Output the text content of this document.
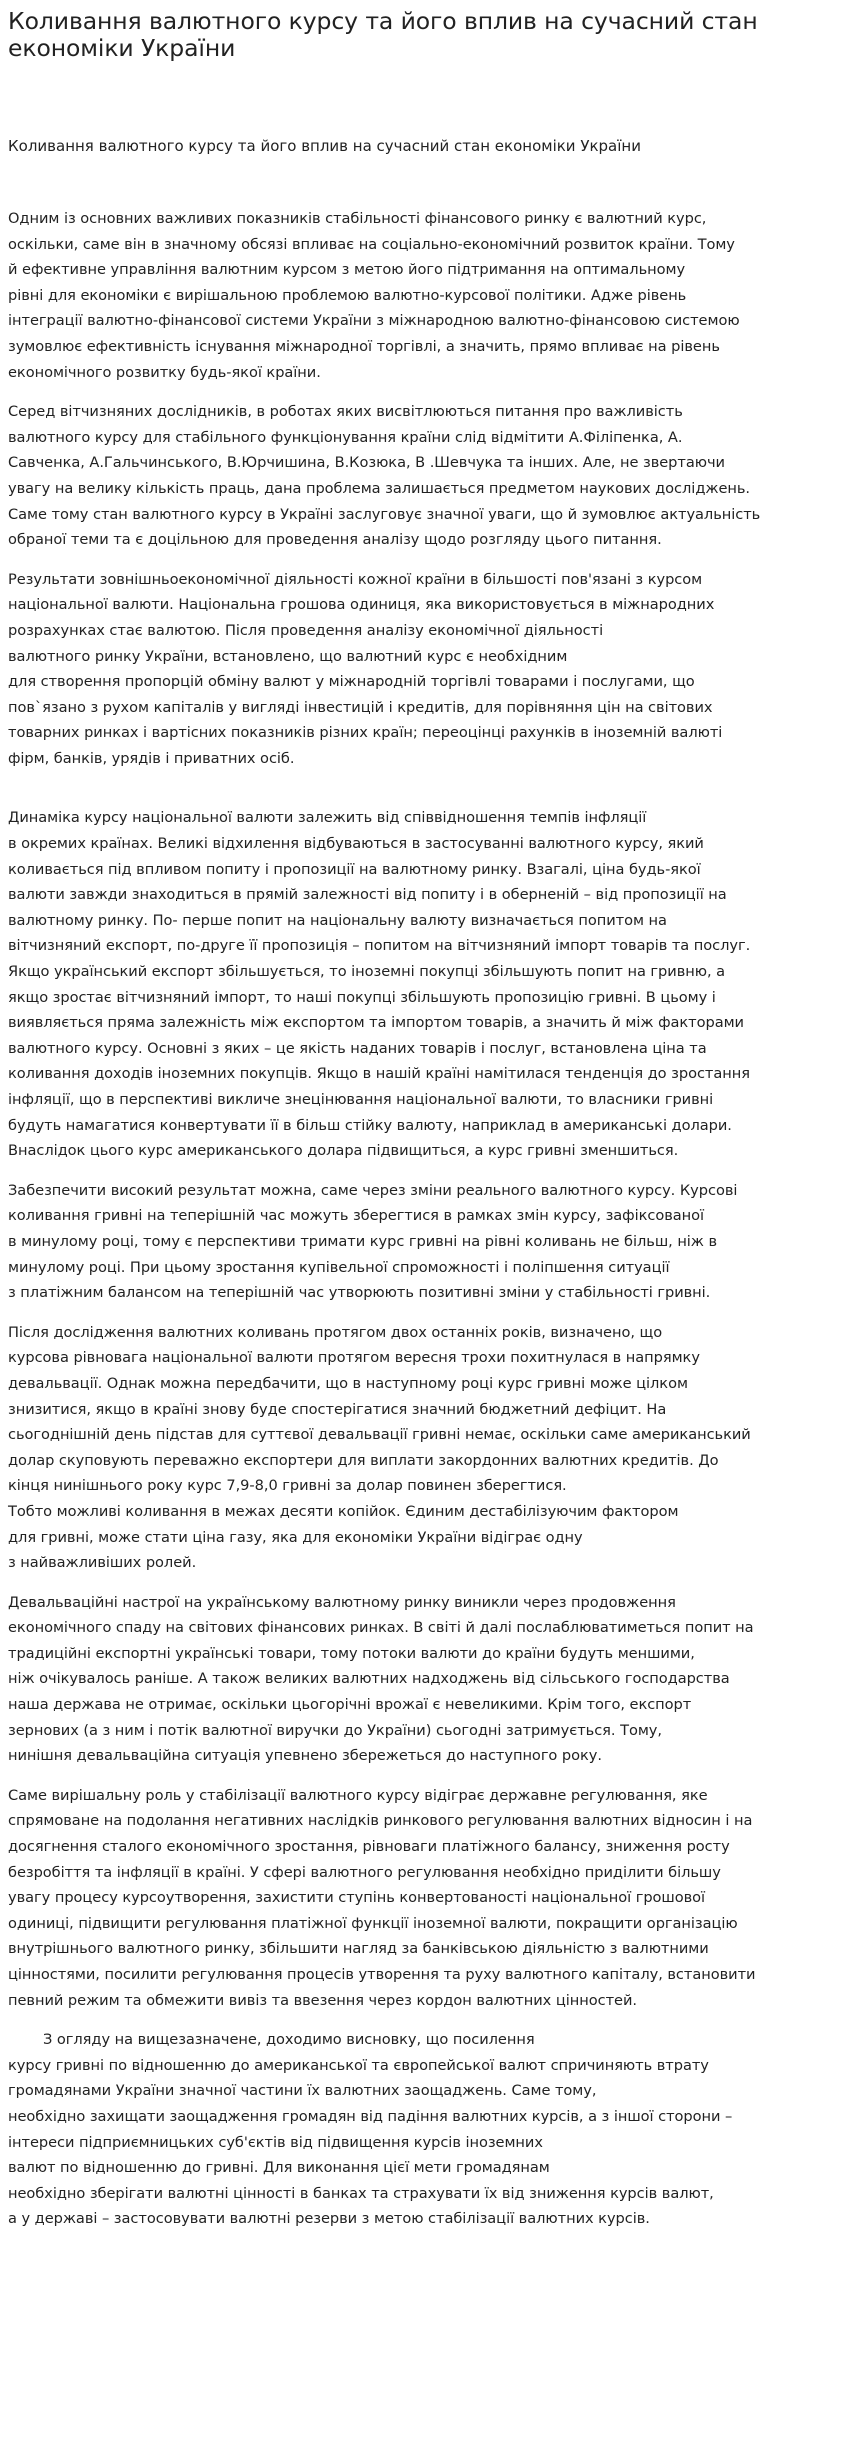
Коливання валютного курсу та його вплив на сучасний стан економіки України

Коливання валютного курсу та його вплив на сучасний стан економіки України

Одним із основних важливих показників стабільності фінансового ринку є валютний курс,
оскільки, саме він в значному обсязі впливає на соціально-економічний розвиток країни. Тому
й ефективне управління валютним курсом з метою його підтримання на оптимальному
рівні для економіки є вирішальною проблемою валютно-курсової політики. Адже рівень
інтеграції валютно-фінансової системи України з міжнародною валютно-фінансовою системою
зумовлює ефективність існування міжнародної торгівлі, а значить, прямо впливає на рівень
економічного розвитку будь-якої країни.

Серед вітчизняних дослідників, в роботах яких висвітлюються питання про важливість
валютного курсу для стабільного функціонування країни слід відмітити А.Філіпенка, А.
Савченка, А.Гальчинського, В.Юрчишина, В.Козюка, В .Шевчука та інших. Але, не звертаючи
увагу на велику кількість праць, дана проблема залишається предметом наукових досліджень.
Саме тому стан валютного курсу в Україні заслуговує значної уваги, що й зумовлює актуальність
обраної теми та є доцільною для проведення аналізу щодо розгляду цього питання.

Результати зовнішньоекономічної діяльності кожної країни в більшості пов'язані з курсом
національної валюти. Національна грошова одиниця, яка використовується в міжнародних
розрахунках стає валютою. Після проведення аналізу економічної діяльності
валютного ринку України, встановлено, що валютний курс є необхідним
для створення пропорцій обміну валют у міжнародній торгівлі товарами і послугами, що
пов`язано з рухом капіталів у вигляді інвестицій і кредитів, для порівняння цін на світових
товарних ринках і вартісних показників різних країн; переоцінці рахунків в іноземній валюті
фірм, банків, урядів і приватних осіб.

Динаміка курсу національної валюти залежить від співвідношення темпів інфляції
в окремих країнах. Великі відхилення відбуваються в застосуванні валютного курсу, який
коливається під впливом попиту і пропозиції на валютному ринку. Взагалі, ціна будь-якої
валюти завжди знаходиться в прямій залежності від попиту і в оберненій – від пропозиції на
валютному ринку. По- перше попит на національну валюту визначається попитом на
вітчизняний експорт, по-друге її пропозиція – попитом на вітчизняний імпорт товарів та послуг.
Якщо український експорт збільшується, то іноземні покупці збільшують попит на гривню, а
якщо зростає вітчизняний імпорт, то наші покупці збільшують пропозицію гривні. В цьому і
виявляється пряма залежність між експортом та імпортом товарів, а значить й між факторами
валютного курсу. Основні з яких – це якість наданих товарів і послуг, встановлена ціна та
коливання доходів іноземних покупців. Якщо в нашій країні намітилася тенденція до зростання
інфляції, що в перспективі викличе знецінювання національної валюти, то власники гривні
будуть намагатися конвертувати її в більш стійку валюту, наприклад в американські долари.
Внаслідок цього курс американського долара підвищиться, а курс гривні зменшиться.

Забезпечити високий результат можна, саме через зміни реального валютного курсу. Курсові
коливання гривні на теперішній час можуть зберегтися в рамках змін курсу, зафіксованої
в минулому році, тому є перспективи тримати курс гривні на рівні коливань не більш, ніж в
минулому році. При цьому зростання купівельної спроможності і поліпшення ситуації
з платіжним балансом на теперішній час утворюють позитивні зміни у стабільності гривні.

Після дослідження валютних коливань протягом двох останніх років, визначено, що
курсова рівновага національної валюти протягом вересня трохи похитнулася в напрямку
девальвації. Однак можна передбачити, що в наступному році курс гривні може цілком
знизитися, якщо в країні знову буде спостерігатися значний бюджетний дефіцит. На
сьогоднішній день підстав для суттєвої девальвації гривні немає, оскільки саме американський
долар скуповують переважно експортери для виплати закордонних валютних кредитів. До
кінця нинішнього року курс 7,9-8,0 гривні за долар повинен зберегтися.
Тобто можливі коливання в межах десяти копійок. Єдиним дестабілізуючим фактором
для гривні, може стати ціна газу, яка для економіки України відіграє одну
з найважливіших ролей.

Девальваційні настрої на українському валютному ринку виникли через продовження
економічного спаду на світових фінансових ринках. В світі й далі послаблюватиметься попит на
традиційні експортні українські товари, тому потоки валюти до країни будуть меншими,
ніж очікувалось раніше. А також великих валютних надходжень від сільського господарства
наша держава не отримає, оскільки цьогорічні врожаї є невеликими. Крім того, експорт
зернових (а з ним і потік валютної виручки до України) сьогодні затримується. Тому,
нинішня девальваційна ситуація упевнено збережеться до наступного року.

Саме вирішальну роль у стабілізації валютного курсу відіграє державне регулювання, яке
спрямоване на подолання негативних наслідків ринкового регулювання валютних відносин і на
досягнення сталого економічного зростання, рівноваги платіжного балансу, зниження росту
безробіття та інфляції в країні. У сфері валютного регулювання необхідно приділити більшу
увагу процесу курсоутворення, захистити ступінь конвертованості національної грошової
одиниці, підвищити регулювання платіжної функції іноземної валюти, покращити організацію
внутрішнього валютного ринку, збільшити нагляд за банківською діяльністю з валютними
цінностями, посилити регулювання процесів утворення та руху валютного капіталу, встановити
певний режим та обмежити вивіз та ввезення через кордон валютних цінностей.

З огляду на вищезазначене, доходимо висновку, що посилення
курсу гривні по відношенню до американської та європейської валют спричиняють втрату
громадянами України значної частини їх валютних заощаджень. Саме тому,
необхідно захищати заощадження громадян від падіння валютних курсів, а з іншої сторони –
інтереси підприємницьких суб'єктів від підвищення курсів іноземних
валют по відношенню до гривні. Для виконання цієї мети громадянам
необхідно зберігати валютні цінності в банках та страхувати їх від зниження курсів валют,
а у державі – застосовувати валютні резерви з метою стабілізації валютних курсів.
